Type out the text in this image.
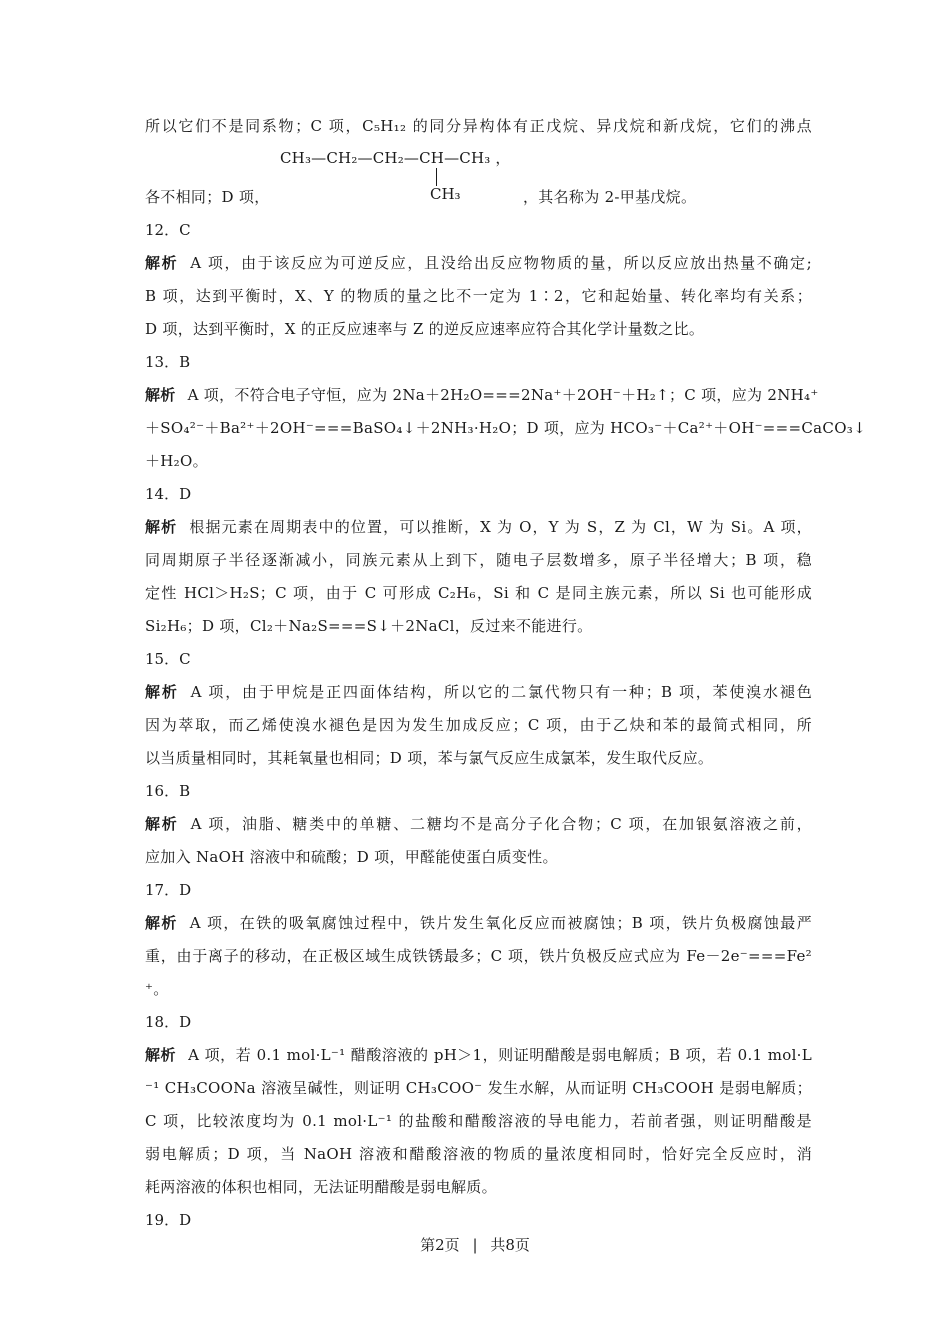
所以它们不是同系物；C 项，C₅H₁₂ 的同分异构体有正戊烷、异戊烷和新戊烷，它们的沸点
CH₃—CH₂—CH₂—CH—CH₃ ，
CH₃
各不相同；D 项，	，其名称为 2-甲基戊烷。
12．C
解析 A 项，由于该反应为可逆反应，且没给出反应物物质的量，所以反应放出热量不确定;
B 项，达到平衡时，X、Y 的物质的量之比不一定为 1∶2，它和起始量、转化率均有关系；
D 项，达到平衡时，X 的正反应速率与 Z 的逆反应速率应符合其化学计量数之比。
13．B
解析 A 项，不符合电子守恒，应为 2Na＋2H₂O===2Na⁺＋2OH⁻＋H₂↑；C 项，应为 2NH₄⁺
＋SO₄²⁻＋Ba²⁺＋2OH⁻===BaSO₄↓＋2NH₃·H₂O；D 项，应为 HCO₃⁻＋Ca²⁺＋OH⁻===CaCO₃↓
＋H₂O。
14．D
解析 根据元素在周期表中的位置，可以推断，X 为 O，Y 为 S，Z 为 Cl，W 为 Si。A 项，
同周期原子半径逐渐减小，同族元素从上到下，随电子层数增多，原子半径增大；B 项，稳
定性 HCl＞H₂S；C 项，由于 C 可形成 C₂H₆，Si 和 C 是同主族元素，所以 Si 也可能形成
Si₂H₆；D 项，Cl₂＋Na₂S===S↓＋2NaCl，反过来不能进行。
15．C
解析 A 项，由于甲烷是正四面体结构，所以它的二氯代物只有一种；B 项，苯使溴水褪色
因为萃取，而乙烯使溴水褪色是因为发生加成反应；C 项，由于乙炔和苯的最简式相同，所
以当质量相同时，其耗氧量也相同；D 项，苯与氯气反应生成氯苯，发生取代反应。
16．B
解析 A 项，油脂、糖类中的单糖、二糖均不是高分子化合物；C 项，在加银氨溶液之前，
应加入 NaOH 溶液中和硫酸；D 项，甲醛能使蛋白质变性。
17．D
解析 A 项，在铁的吸氧腐蚀过程中，铁片发生氧化反应而被腐蚀；B 项，铁片负极腐蚀最严
重，由于离子的移动，在正极区域生成铁锈最多；C 项，铁片负极反应式应为 Fe－2e⁻===Fe²
⁺。
18．D
解析 A 项，若 0.1 mol·L⁻¹ 醋酸溶液的 pH＞1，则证明醋酸是弱电解质；B 项，若 0.1 mol·L
⁻¹ CH₃COONa 溶液呈碱性，则证明 CH₃COO⁻ 发生水解，从而证明 CH₃COOH 是弱电解质；
C 项，比较浓度均为 0.1 mol·L⁻¹ 的盐酸和醋酸溶液的导电能力，若前者强，则证明醋酸是
弱电解质；D 项，当 NaOH 溶液和醋酸溶液的物质的量浓度相同时，恰好完全反应时，消
耗两溶液的体积也相同，无法证明醋酸是弱电解质。
19．D
第2页 | 共8页
